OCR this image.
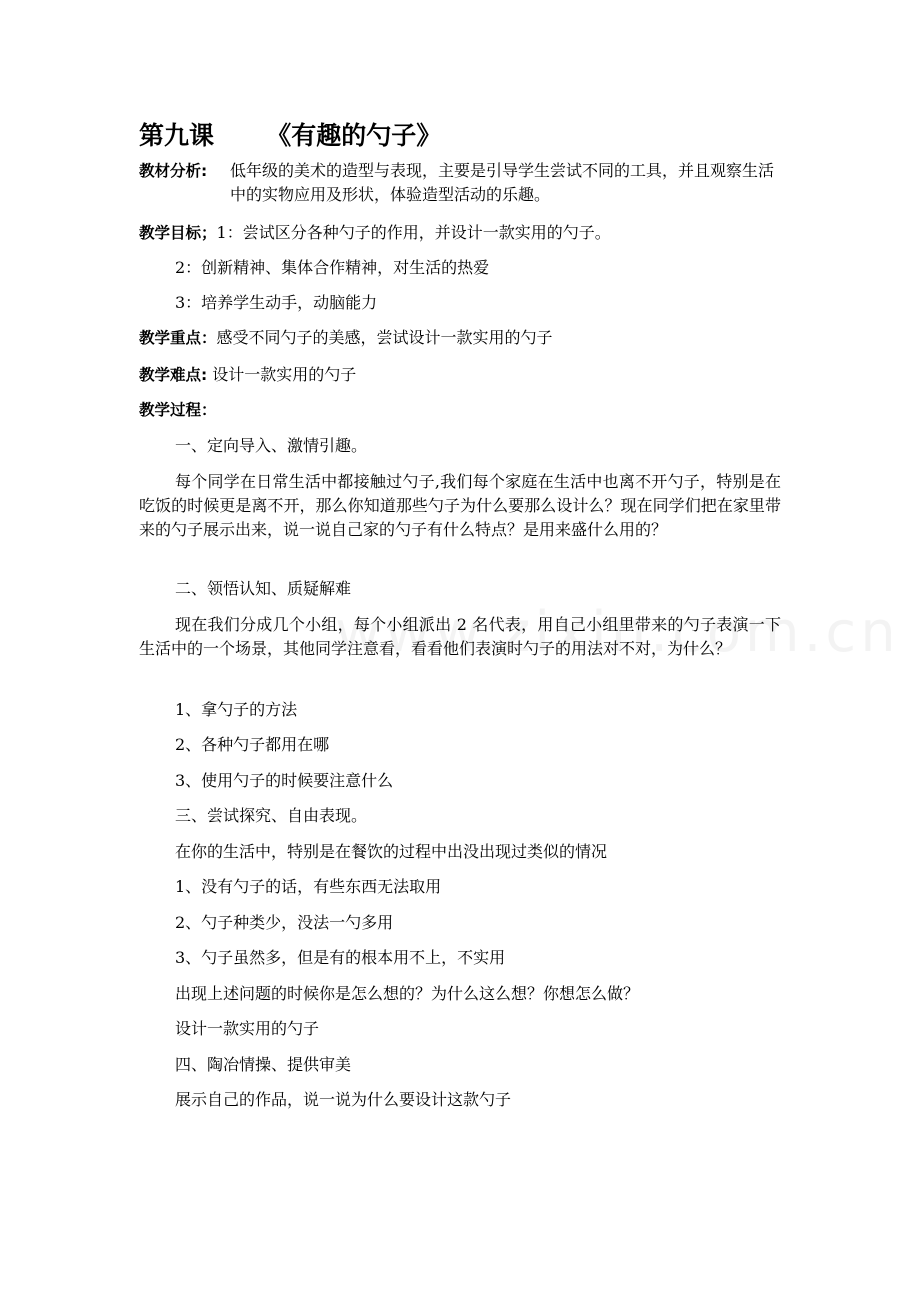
第九课      《有趣的勺子》
教材分析:	低年级的美术的造型与表现，主要是引导学生尝试不同的工具，并且观察生活中的实物应用及形状，体验造型活动的乐趣。
教学目标；1：尝试区分各种勺子的作用，并设计一款实用的勺子。
2：创新精神、集体合作精神，对生活的热爱
3：培养学生动手，动脑能力
教学重点：感受不同勺子的美感，尝试设计一款实用的勺子
教学难点: 设计一款实用的勺子
教学过程：
一、定向导入、激情引趣。
每个同学在日常生活中都接触过勺子,我们每个家庭在生活中也离不开勺子，特别是在吃饭的时候更是离不开，那么你知道那些勺子为什么要那么设计么？现在同学们把在家里带来的勺子展示出来，说一说自己家的勺子有什么特点？是用来盛什么用的？
二、领悟认知、质疑解难
现在我们分成几个小组，每个小组派出 2 名代表，用自己小组里带来的勺子表演一下生活中的一个场景，其他同学注意看，看看他们表演时勺子的用法对不对，为什么？
1、拿勺子的方法
2、各种勺子都用在哪
3、使用勺子的时候要注意什么
三、尝试探究、自由表现。
在你的生活中，特别是在餐饮的过程中出没出现过类似的情况
1、没有勺子的话，有些东西无法取用
2、勺子种类少，没法一勺多用
3、勺子虽然多，但是有的根本用不上，不实用
出现上述问题的时候你是怎么想的？为什么这么想？你想怎么做？
设计一款实用的勺子
四、陶冶情操、提供审美
展示自己的作品，说一说为什么要设计这款勺子
